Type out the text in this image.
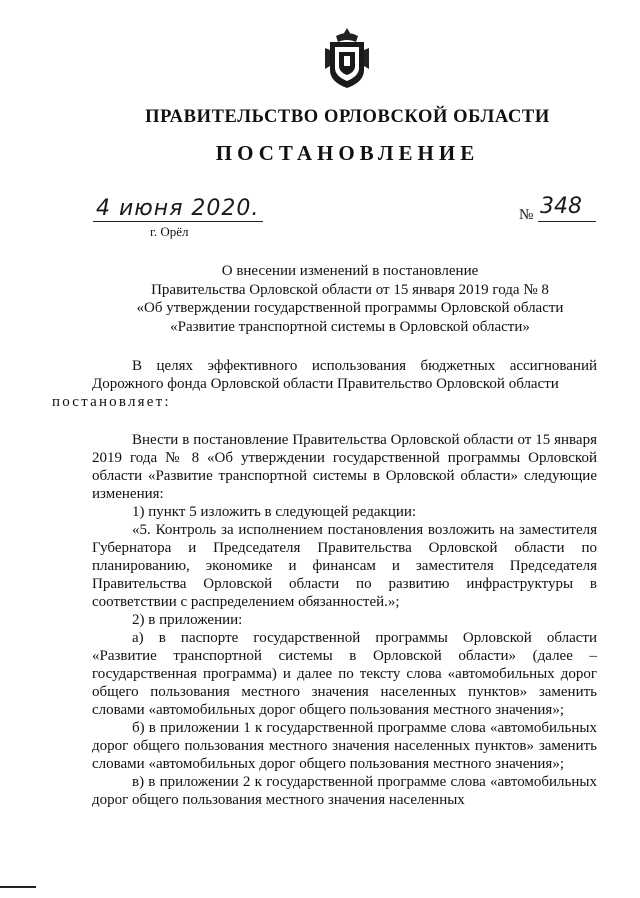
ПРАВИТЕЛЬСТВО ОРЛОВСКОЙ ОБЛАСТИ
ПОСТАНОВЛЕНИЕ
4 июня 2020.
г. Орёл
№ 348
О внесении изменений в постановление
Правительства Орловской области от 15 января 2019 года № 8
«Об утверждении государственной программы Орловской области
«Развитие транспортной системы в Орловской области»

В целях эффективного использования бюджетных ассигнований Дорожного фонда Орловской области Правительство Орловской области
постановляет:

Внести в постановление Правительства Орловской области от 15 января 2019 года № 8 «Об утверждении государственной программы Орловской области «Развитие транспортной системы в Орловской области» следующие изменения:

1) пункт 5 изложить в следующей редакции:

«5. Контроль за исполнением постановления возложить на заместителя Губернатора и Председателя Правительства Орловской области по планированию, экономике и финансам и заместителя Председателя Правительства Орловской области по развитию инфраструктуры в соответствии с распределением обязанностей.»;

2) в приложении:

а) в паспорте государственной программы Орловской области «Развитие транспортной системы в Орловской области» (далее – государственная программа) и далее по тексту слова «автомобильных дорог общего пользования местного значения населенных пунктов» заменить словами «автомобильных дорог общего пользования местного значения»;

б) в приложении 1 к государственной программе слова «автомобильных дорог общего пользования местного значения населенных пунктов» заменить словами «автомобильных дорог общего пользования местного значения»;

в) в приложении 2 к государственной программе слова «автомобильных дорог общего пользования местного значения населенных
